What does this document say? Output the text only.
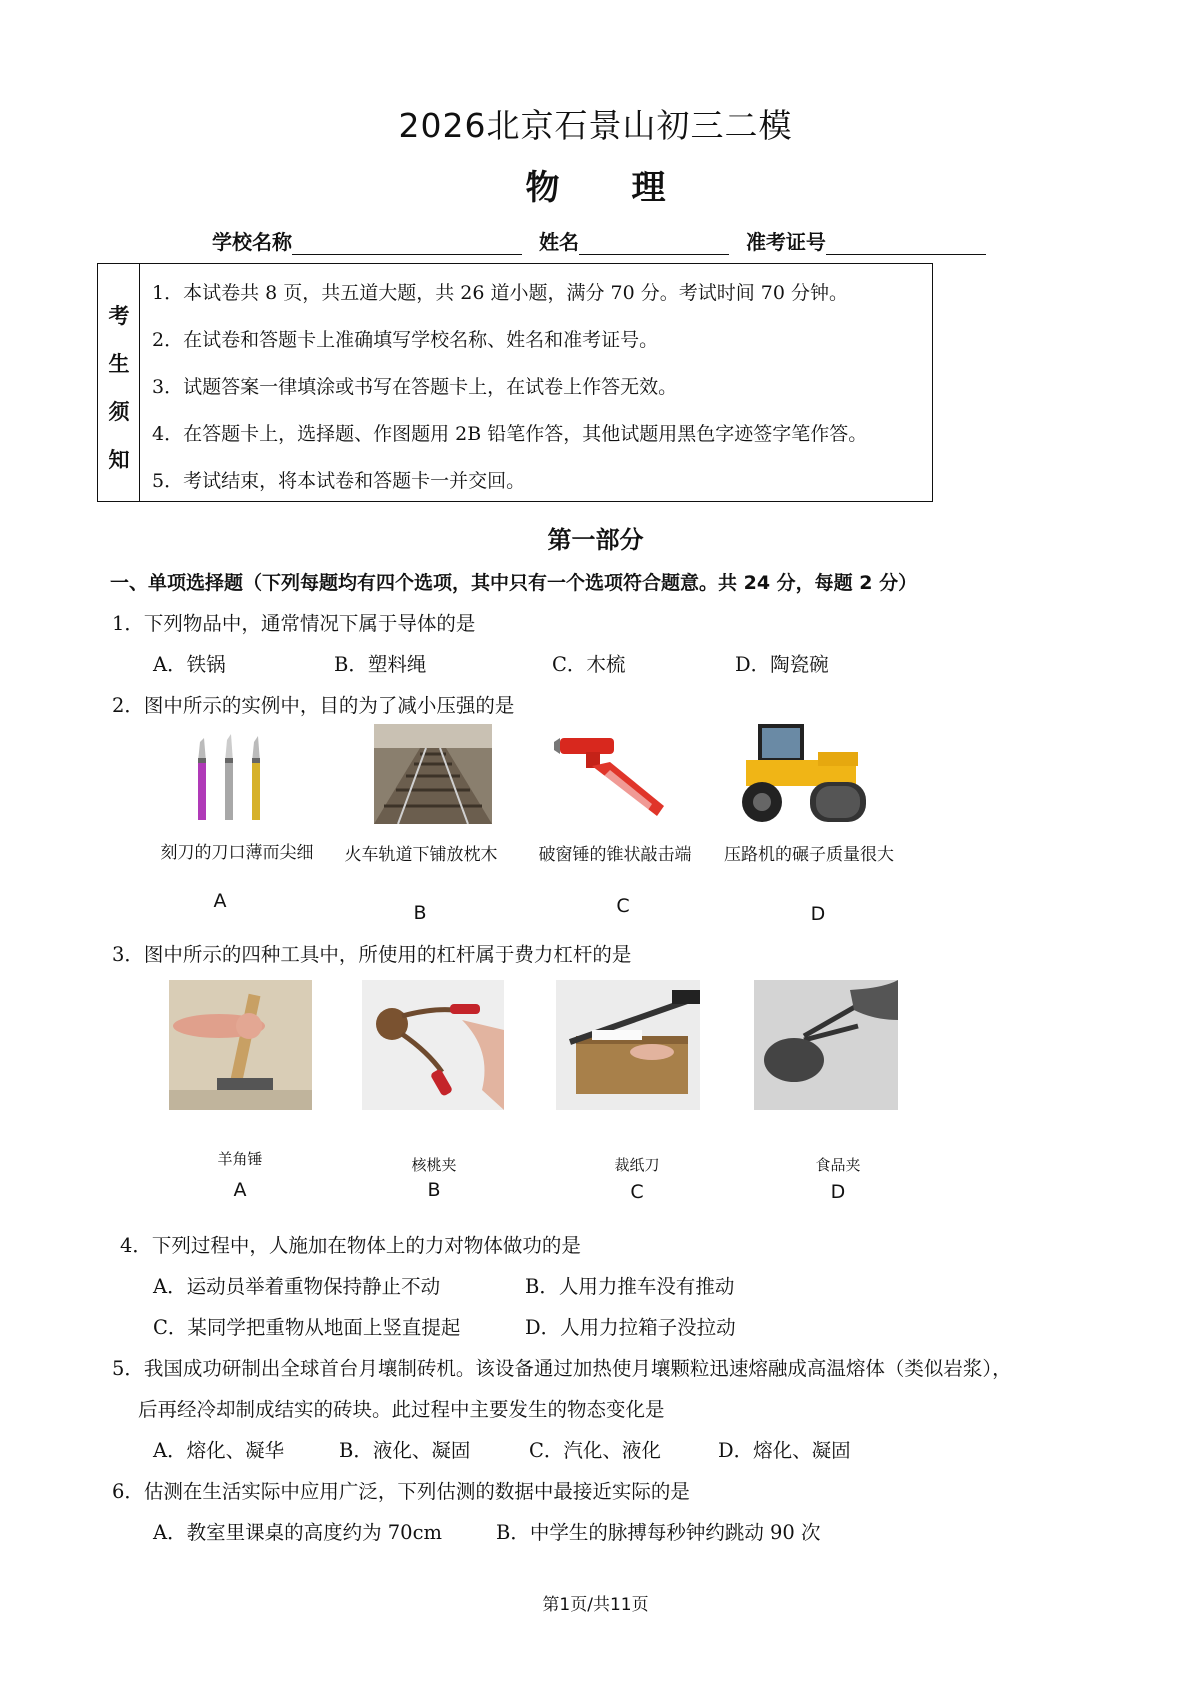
2026北京石景山初三二模
物 理
学校名称	姓名	准考证号
考
生
须
知
1．本试卷共 8 页，共五道大题，共 26 道小题，满分 70 分。考试时间 70 分钟。
2．在试卷和答题卡上准确填写学校名称、姓名和准考证号。
3．试题答案一律填涂或书写在答题卡上，在试卷上作答无效。
4．在答题卡上，选择题、作图题用 2B 铅笔作答，其他试题用黑色字迹签字笔作答。
5．考试结束，将本试卷和答题卡一并交回。
第一部分
一、单项选择题（下列每题均有四个选项，其中只有一个选项符合题意。共 24 分，每题 2 分）
1．下列物品中，通常情况下属于导体的是
A．铁锅	B．塑料绳	C．木梳	D．陶瓷碗
2．图中所示的实例中，目的为了减小压强的是
刻刀的刀口薄而尖细	火车轨道下铺放枕木	破窗锤的锥状敲击端	压路机的碾子质量很大
A
B	C	D
3．图中所示的四种工具中，所使用的杠杆属于费力杠杆的是
羊角锤	核桃夹	裁纸刀	食品夹
A	B	C	D
4．下列过程中，人施加在物体上的力对物体做功的是
A．运动员举着重物保持静止不动	B．人用力推车没有推动
C．某同学把重物从地面上竖直提起	D．人用力拉箱子没拉动
5．我国成功研制出全球首台月壤制砖机。该设备通过加热使月壤颗粒迅速熔融成高温熔体（类似岩浆），
后再经冷却制成结实的砖块。此过程中主要发生的物态变化是
A．熔化、凝华	B．液化、凝固	C．汽化、液化	D．熔化、凝固
6．估测在生活实际中应用广泛，下列估测的数据中最接近实际的是
A．教室里课桌的高度约为 70cm	B．中学生的脉搏每秒钟约跳动 90 次
第1页/共11页
